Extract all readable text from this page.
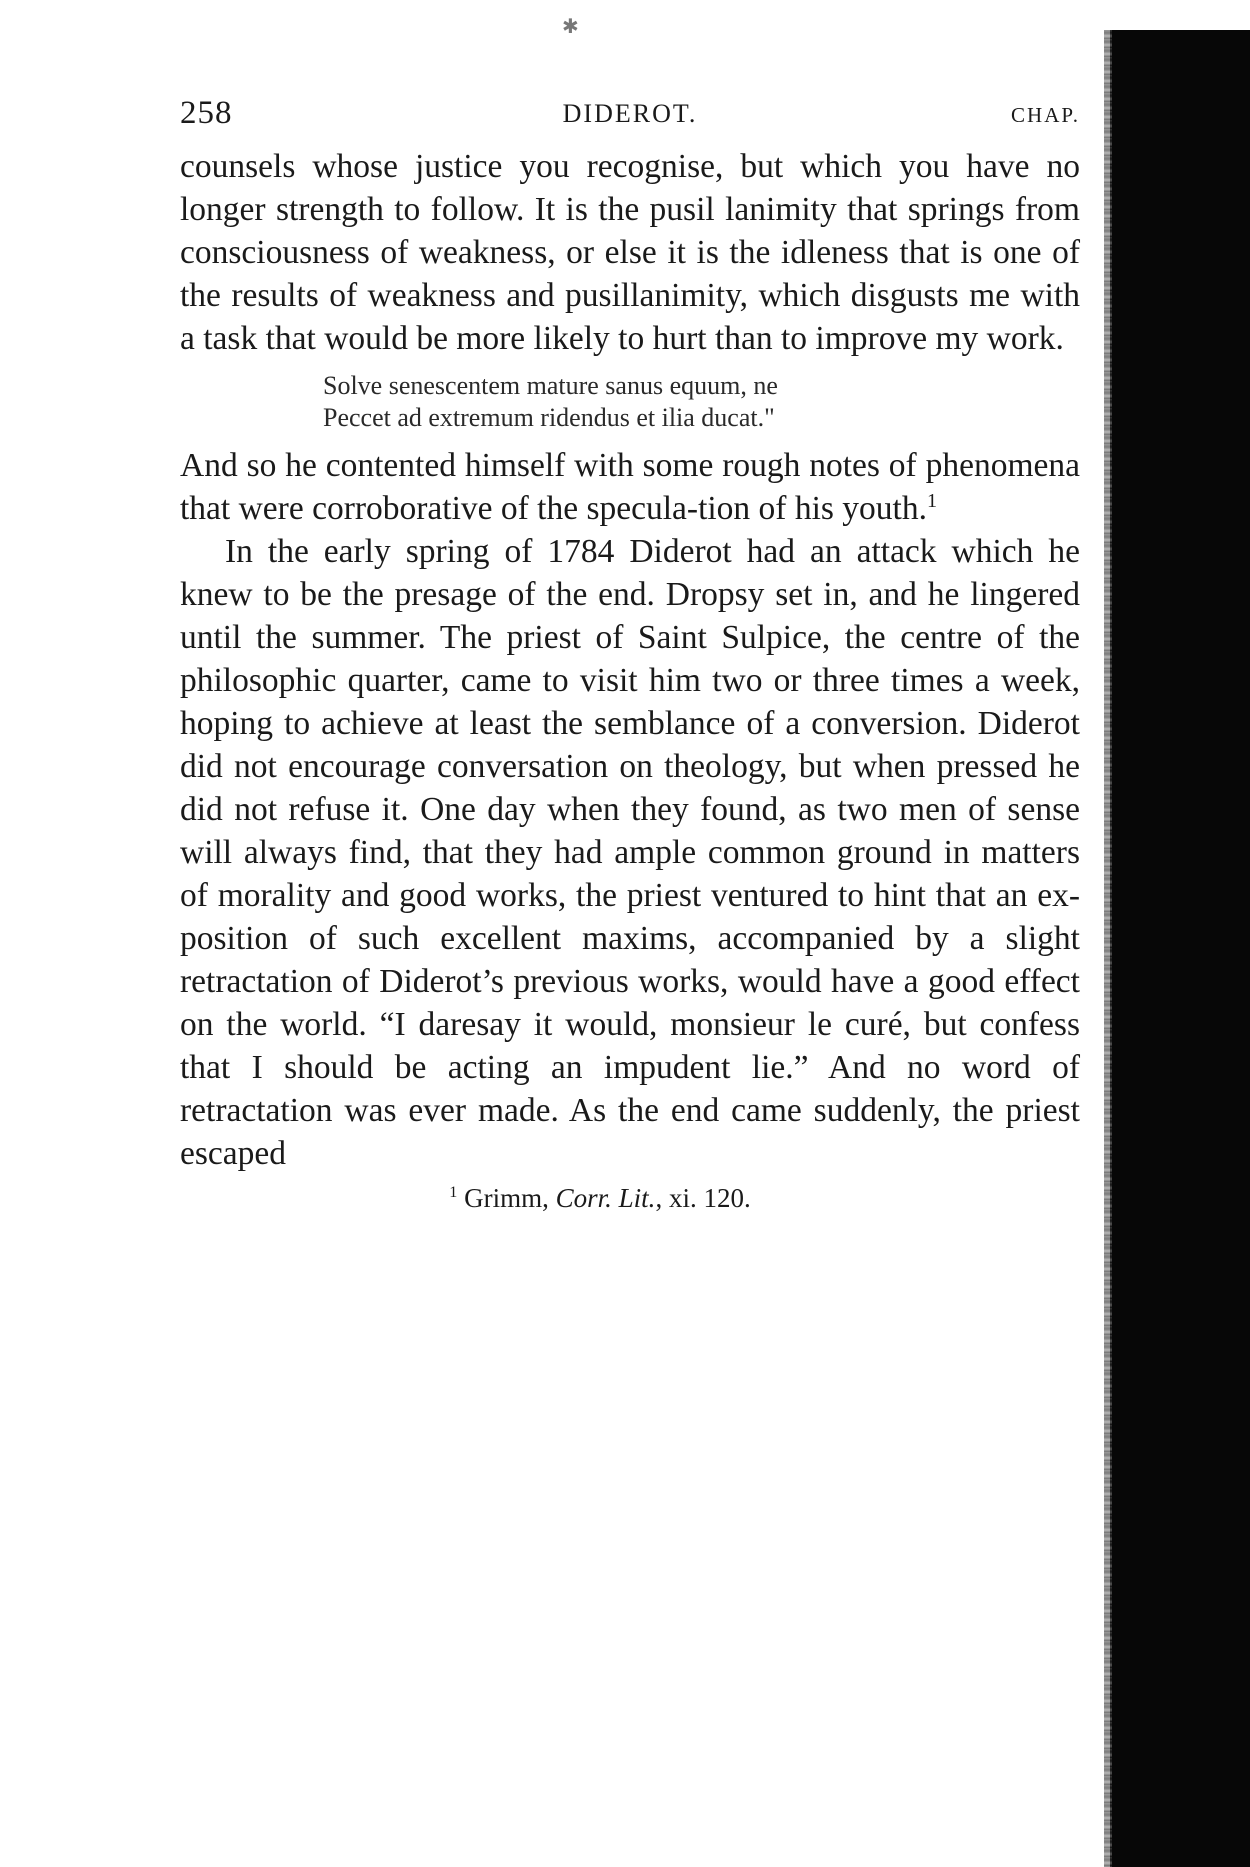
✱
258	DIDEROT.	CHAP.

counsels whose justice you recognise, but which you have no longer strength to follow. It is the pusil lanimity that springs from consciousness of weakness, or else it is the idleness that is one of the results of weakness and pusillanimity, which disgusts me with a task that would be more likely to hurt than to improve my work.

Solve senescentem mature sanus equum, ne
Peccet ad extremum ridendus et ilia ducat."

And so he contented himself with some rough notes of phenomena that were corroborative of the specula-tion of his youth.$^1$

In the early spring of 1784 Diderot had an attack which he knew to be the presage of the end. Dropsy set in, and he lingered until the summer. The priest of Saint Sulpice, the centre of the philosophic quarter, came to visit him two or three times a week, hoping to achieve at least the semblance of a conversion. Diderot did not encourage conversation on theology, but when pressed he did not refuse it. One day when they found, as two men of sense will always find, that they had ample common ground in matters of morality and good works, the priest ventured to hint that an ex-position of such excellent maxims, accompanied by a slight retractation of Diderot’s previous works, would have a good effect on the world. “I daresay it would, monsieur le curé, but confess that I should be acting an impudent lie.” And no word of retractation was ever made. As the end came suddenly, the priest escaped

$^1$ Grimm, Corr. Lit., xi. 120.
